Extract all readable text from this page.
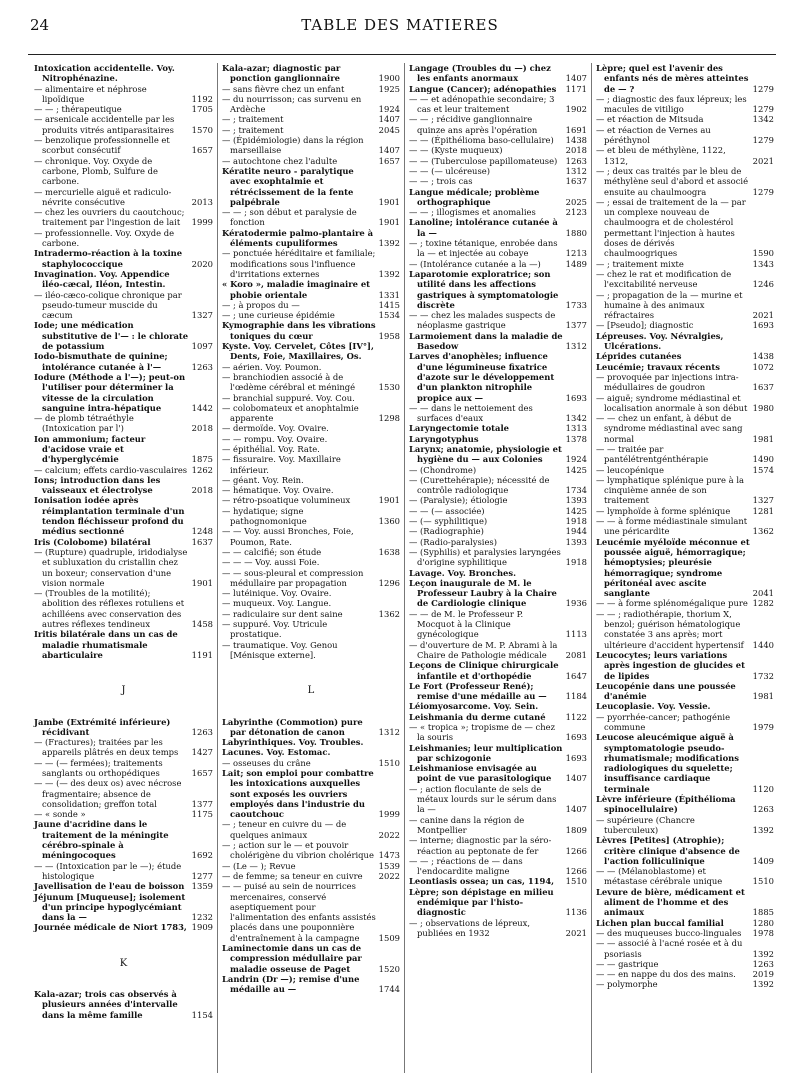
24	TABLE DES MATIERES
Intoxication accidentelle. Voy. Nitrophénazine.
— alimentaire et néphrose lipoïdique	1192
— — ; thérapeutique	1705
— arsenicale accidentelle par les produits vitrés antiparasitaires	1570
— benzolique professionnelle et scorbut consécutif	1657
— chronique. Voy. Oxyde de carbone, Plomb, Sulfure de carbone.
— mercurielle aiguë et radiculo-névrite consécutive	2013
— chez les ouvriers du caoutchouc; traitement par l'ingestion de lait	1999
— professionnelle. Voy. Oxyde de carbone.
Intradermo-réaction à la toxine staphylococcique	2020
Invagination. Voy. Appendice iléo-cæcal, Iléon, Intestin.
— iléo-cæco-colique chronique par pseudo-tumeur muscide du cæcum	1327
Iode; une médication substitutive de l'— : le chlorate de potassium	1097
Iodo-bismuthate de quinine; intolérance cutanée à l'—	1263
Iodure (Méthode a l'—); peut-on l'utiliser pour déterminer la vitesse de la circulation sanguine intra-hépatique	1442
— de plomb tétraéthyle (Intoxication par l')	2018
Ion ammonium; facteur d'acidose vraie et d'hyperglycémie	1875
— calcium; effets cardio-vasculaires 1262
Ions; introduction dans les vaisseaux et électrolyse	2018
Ionisation iodée après réimplantation terminale d'un tendon fléchisseur profond du médius sectionné	1248
Iris (Colobome) bilatéral	1637
— (Rupture) quadruple, iridodialyse et subluxation du cristallin chez un boxeur; conservation d'une vision normale	1901
— (Troubles de la motilité); abolition des réflexes rotuliens et achilléens avec conservation des autres réflexes tendineux	1458
Iritis bilatérale dans un cas de maladie rhumatismale abarticulaire	1191
J
Jambe (Extrémité inférieure) récidivant	1263
— (Fractures); traitées par les appareils plâtrés en deux temps	1427
— — (— fermées); traitements sanglants ou orthopédiques	1657
— — (— des deux os) avec nécrose fragmentaire; absence de consolidation; greffon total	1377
— « sonde »	1175
Jaune d'acridine dans le traitement de la méningite cérébro-spinale à méningocoques	1692
— — (Intoxication par le —); étude histologique	1277
Javellisation de l'eau de boisson 1359
Jéjunum [Muqueuse]; isolement d'un principe hypoglycémiant dans la —	1232
Journée médicale de Niort 1783, 1909
K
Kala-azar; trois cas observés à plusieurs années d'intervalle dans la même famille	1154
Kala-azar; diagnostic par ponction ganglionnaire	1900
— sans fièvre chez un enfant	1925
— du nourrisson; cas survenu en Ardèche	1924
— ; traitement	1407
— ; traitement	2045
— (Épidémiologie) dans la région marseillaise	1407
— autochtone chez l'adulte	1657
Kératite neuro - paralytique avec exophtalmie et rétrécissement de la fente palpébrale	1901
— — ; son début et paralysie de fonction	1901
Kératodermie palmo-plantaire à éléments cupuliformes	1392
— ponctuée héréditaire et familiale; modifications sous l'influence d'irritations externes	1392
« Koro », maladie imaginaire et phobie orientale	1331
— ; à propos du —	1415
— ; une curieuse épidémie	1534
Kymographie dans les vibrations toniques du cœur	1958
Kyste. Voy. Cervelet, Côtes [IV°], Dents, Foie, Maxillaires, Os.
— aérien. Voy. Poumon.
— branchiodien associé à de l'œdème cérébral et méningé	1530
— branchial suppuré. Voy. Cou.
— colobomateux et anophtalmie apparente	1298
— dermoïde. Voy. Ovaire.
— — rompu. Voy. Ovaire.
— épithélial. Voy. Rate.
— fissuraire. Voy. Maxillaire inférieur.
— géant. Voy. Rein.
— hématique. Voy. Ovaire.
— rétro-psoatique volumineux	1901
— hydatique; signe pathognomonique	1360
— — Voy. aussi Bronches, Foie, Poumon, Rate.
— — calcifié; son étude	1638
— — — Voy. aussi Foie.
— — sous-pleural et compression médullaire par propagation	1296
— lutéinique. Voy. Ovaire.
— muqueux. Voy. Langue.
— radiculaire sur dent saine	1362
— suppuré. Voy. Utricule prostatique.
— traumatique. Voy. Genou [Ménisque externe].
L
Labyrinthe (Commotion) pure par détonation de canon	1312
Labyrinthiques. Voy. Troubles.
Lacunes. Voy. Estomac.
— osseuses du crâne	1510
Lait; son emploi pour combattre les intoxications auxquelles sont exposés les ouvriers employés dans l'industrie du caoutchouc	1999
— ; teneur en cuivre du — de quelques animaux	2022
— ; action sur le — et pouvoir cholérigène du vibrion cholérique 1473
— (Le — ); Revue	1539
— de femme; sa teneur en cuivre	2022
— — puisé au sein de nourrices mercenaires, conservé aseptiquement pour l'alimentation des enfants assistés placés dans une pouponnière d'entraînement à la campagne	1509
Laminectomie dans un cas de compression médullaire par maladie osseuse de Paget	1520
Landrin (Dr —); remise d'une médaille au —	1744
Langage (Troubles du —) chez les enfants anormaux	1407
Langue (Cancer); adénopathies	1171
— — et adénopathie secondaire; 3 cas et leur traitement	1902
— — ; récidive ganglionnaire quinze ans après l'opération	1691
— — (Épithélioma baso-cellulaire)	1438
— — (Kyste muqueux)	2018
— — (Tuberculose papillomateuse) 1263
— — (— ulcéreuse)	1312
— — ; trois cas	1637
Langue médicale; problème orthographique	2025
— — ; illogismes et anomalies	2123
Lanoline; intolérance cutanée à la —	1880
— ; toxine tétanique, enrobée dans la — et injectée au cobaye	1213
— (Intolérance cutanée a la —)	1489
Laparotomie exploratrice; son utilité dans les affections gastriques à symptomatologie discrète	1733
— — chez les malades suspects de néoplasme gastrique	1377
Larmoiement dans la maladie de Basedow	1312
Larves d'anophèles; influence d'une légumineuse fixatrice d'azote sur le développement d'un plankton nitrophile propice aux —	1693
— — dans le nettoiement des surfaces d'eaux	1342
Laryngectomie totale	1313
Laryngotyphus	1378
Larynx; anatomie, physiologie et hygiène du — aux Colonies	1924
— (Chondrome)	1425
— (Curettehérapie); nécessité de contrôle radiologique	1734
— (Paralysie); étiologie	1393
— — (— associée)	1425
— (— syphilitique)	1918
— (Radiographie)	1944
— (Radio-paralysies)	1393
— (Syphilis) et paralysies laryngées d'origine syphilitique	1918
Lavage. Voy. Bronches.
Leçon inaugurale de M. le Professeur Laubry à la Chaire de Cardiologie clinique	1936
— — de M. le Professeur P. Mocquot à la Clinique gynécologique	1113
— d'ouverture de M. P. Abrami à la Chaire de Pathologie médicale	2081
Leçons de Clinique chirurgicale infantile et d'orthopédie	1647
Le Fort (Professeur René); remise d'une médaille au —	1184
Léiomyosarcome. Voy. Sein.
Leishmania du derme cutané	1122
— « tropica »; tropisme de — chez la souris	1693
Leishmanies; leur multiplication par schizogonie	1693
Leishmaniose envisagée au point de vue parasitologique	1407
— ; action floculante de sels de métaux lourds sur le sérum dans la —	1407
— canine dans la région de Montpellier	1809
— interne; diagnostic par la séro-réaction au peptonate de fer	1266
— — ; réactions de — dans l'endocardite maligne	1266
Leontiasis ossea; un cas, 1194,	1510
Lèpre; son dépistage en milieu endémique par l'histo-diagnostic	1136
— ; observations de lépreux, publiées en 1932	2021
Lèpre; quel est l'avenir des enfants nés de mères atteintes de — ?	1279
— ; diagnostic des faux lépreux; les macules de vitiligo	1279
— et réaction de Mitsuda	1342
— et réaction de Vernes au péréthynol	1279
— et bleu de méthylène, 1122, 1312,	2021
— ; deux cas traités par le bleu de méthylène seul d'abord et associé ensuite au chaulmoogra	1279
— ; essai de traitement de la — par un complexe nouveau de chaulmoogra et de cholestérol permettant l'injection à hautes doses de dérivés chaulmoogriques	1590
— ; traitement mixte	1343
— chez le rat et modification de l'excitabilité nerveuse	1246
— ; propagation de la — murine et humaine à des animaux réfractaires	2021
— [Pseudo]; diagnostic	1693
Lépreuses. Voy. Névralgies, Ulcérations.
Léprides cutanées	1438
Leucémie; travaux récents	1072
— provoquée par injections intra-médullaires de goudron	1637
— aiguë; syndrome médiastinal et localisation anormale à son début 1980
— — chez un enfant, à début de syndrome médiastinal avec sang normal	1981
— — traitée par pantélétrentgénthérapie	1490
— leucopénique	1574
— lymphatique splénique pure à la cinquième année de son traitement	1327
— lymphoïde à forme splénique	1281
— — à forme médiastinale simulant une péricardite	1362
Leucémie myéloïde méconnue et poussée aiguë, hémorragique; hémoptysies; pleurésie hémorragique; syndrome péritonéal avec ascite sanglante	2041
— — à forme splénomégalique pure 1282
— — ; radiothérapie, thorium X, benzol; guérison hématologique constatée 3 ans après; mort ultérieure d'accident hypertensif	1440
Leucocytes; leurs variations après ingestion de glucides et de lipides	1732
Leucopénie dans une poussée d'anémie	1981
Leucoplasie. Voy. Vessie.
— pyorrhée-cancer; pathogénie commune	1979
Leucose aleucémique aiguë à symptomatologie pseudo-rhumatismale; modifications radiologiques du squelette; insuffisance cardiaque terminale	1120
Lèvre inférieure (Épithélioma spinocellulaire)	1263
— supérieure (Chancre tuberculeux)	1392
Lèvres [Petites] (Atrophie); critère clinique d'absence de l'action folliculinique	1409
— — (Mélanoblastome) et métastase cérébrale unique	1510
Levure de bière, médicament et aliment de l'homme et des animaux	1885
Lichen plan buccal familial	1280
— des muqueuses bucco-linguales	1978
— — associé à l'acné rosée et à du psoriasis	1392
— — gastrique	1263
— — en nappe du dos des mains.	2019
— polymorphe	1392
